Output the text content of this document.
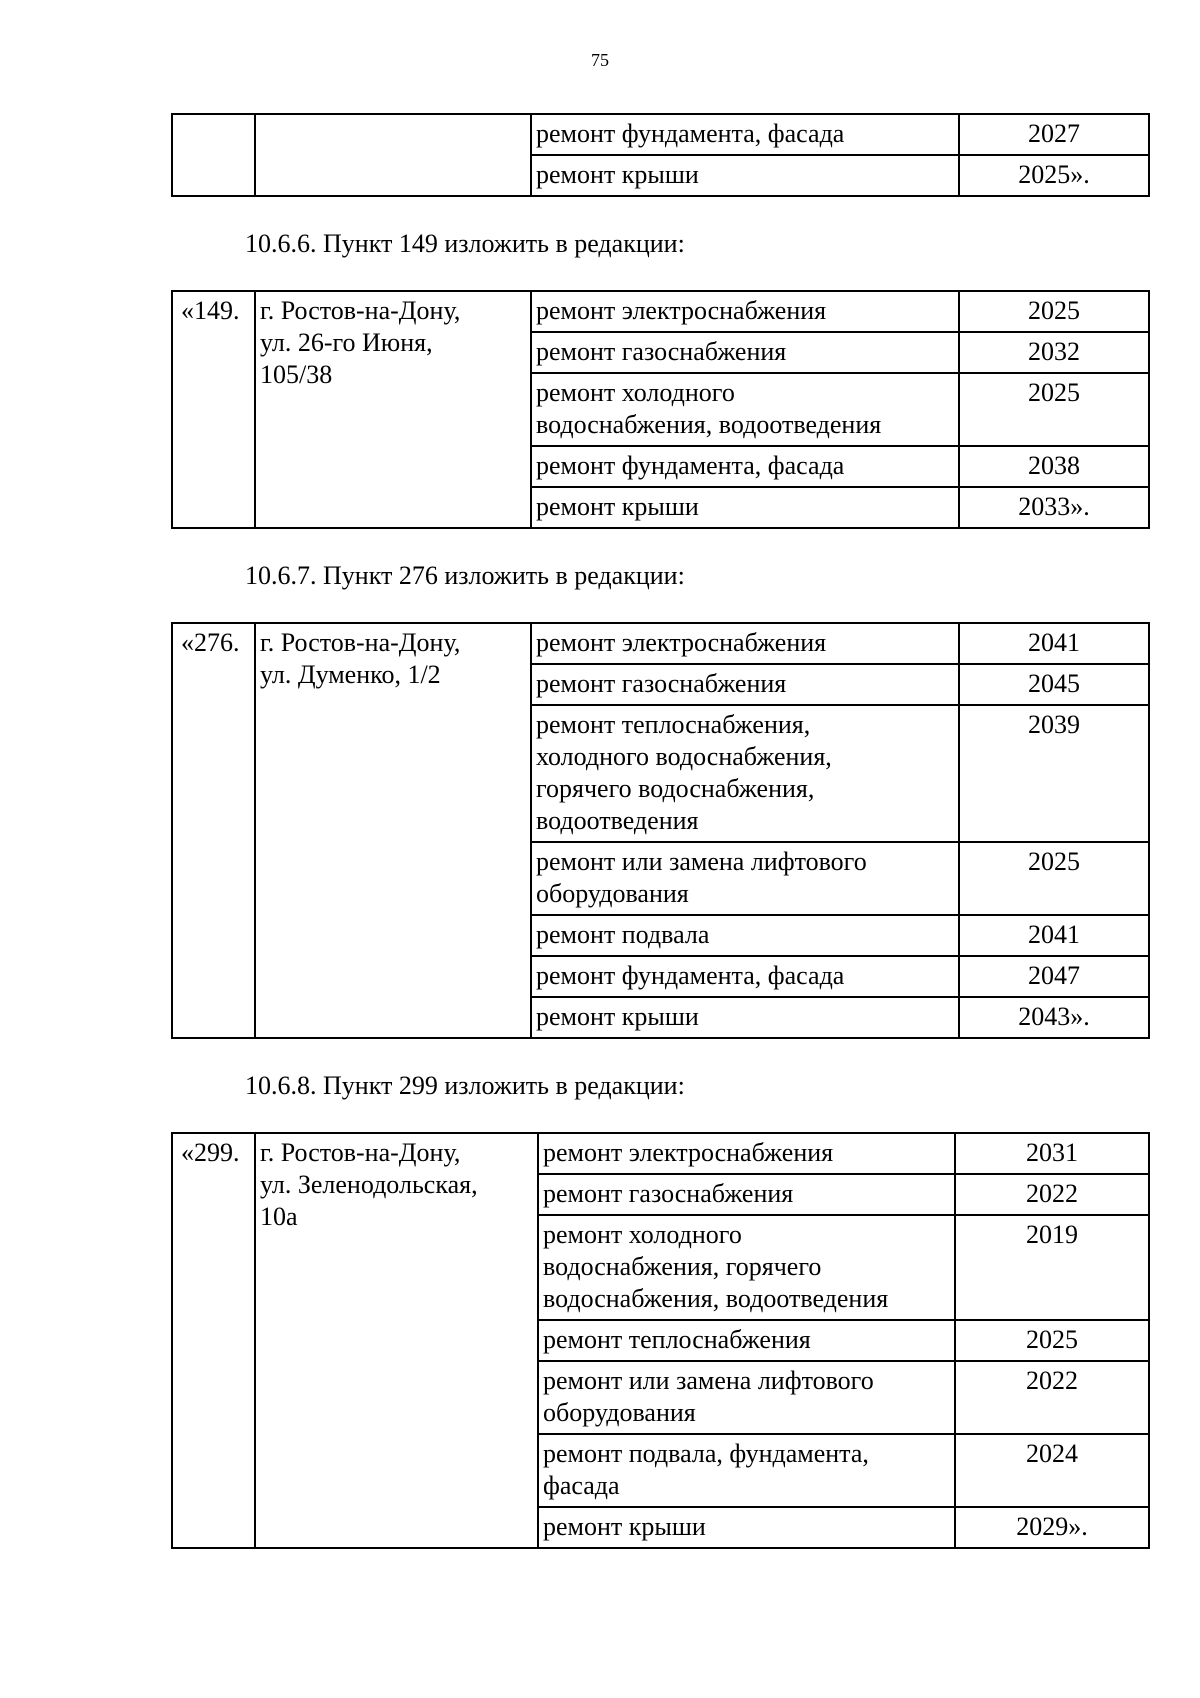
75
		ремонт фундамента, фасада	2027
		ремонт крыши	2025».
10.6.6. Пункт 149 изложить в редакции:
«149.	г. Ростов-на-Дону,
ул. 26-го Июня,
105/38	ремонт электроснабжения	2025

		ремонт газоснабжения	2032

		ремонт холодного
водоснабжения, водоотведения	2025

		ремонт фундамента, фасада	2038

		ремонт крыши	2033».
10.6.7. Пункт 276 изложить в редакции:
«276.	г. Ростов-на-Дону,
ул. Думенко, 1/2	ремонт электроснабжения	2041

		ремонт газоснабжения	2045

		ремонт теплоснабжения,
холодного водоснабжения,
горячего водоснабжения,
водоотведения	2039

		ремонт или замена лифтового
оборудования	2025

		ремонт подвала	2041

		ремонт фундамента, фасада	2047

		ремонт крыши	2043».
10.6.8. Пункт 299 изложить в редакции:
«299.	г. Ростов-на-Дону,
ул. Зеленодольская,
10а	ремонт электроснабжения	2031

		ремонт газоснабжения	2022

		ремонт холодного
водоснабжения, горячего
водоснабжения, водоотведения	2019

		ремонт теплоснабжения	2025

		ремонт или замена лифтового
оборудования	2022

		ремонт подвала, фундамента,
фасада	2024

		ремонт крыши	2029».
